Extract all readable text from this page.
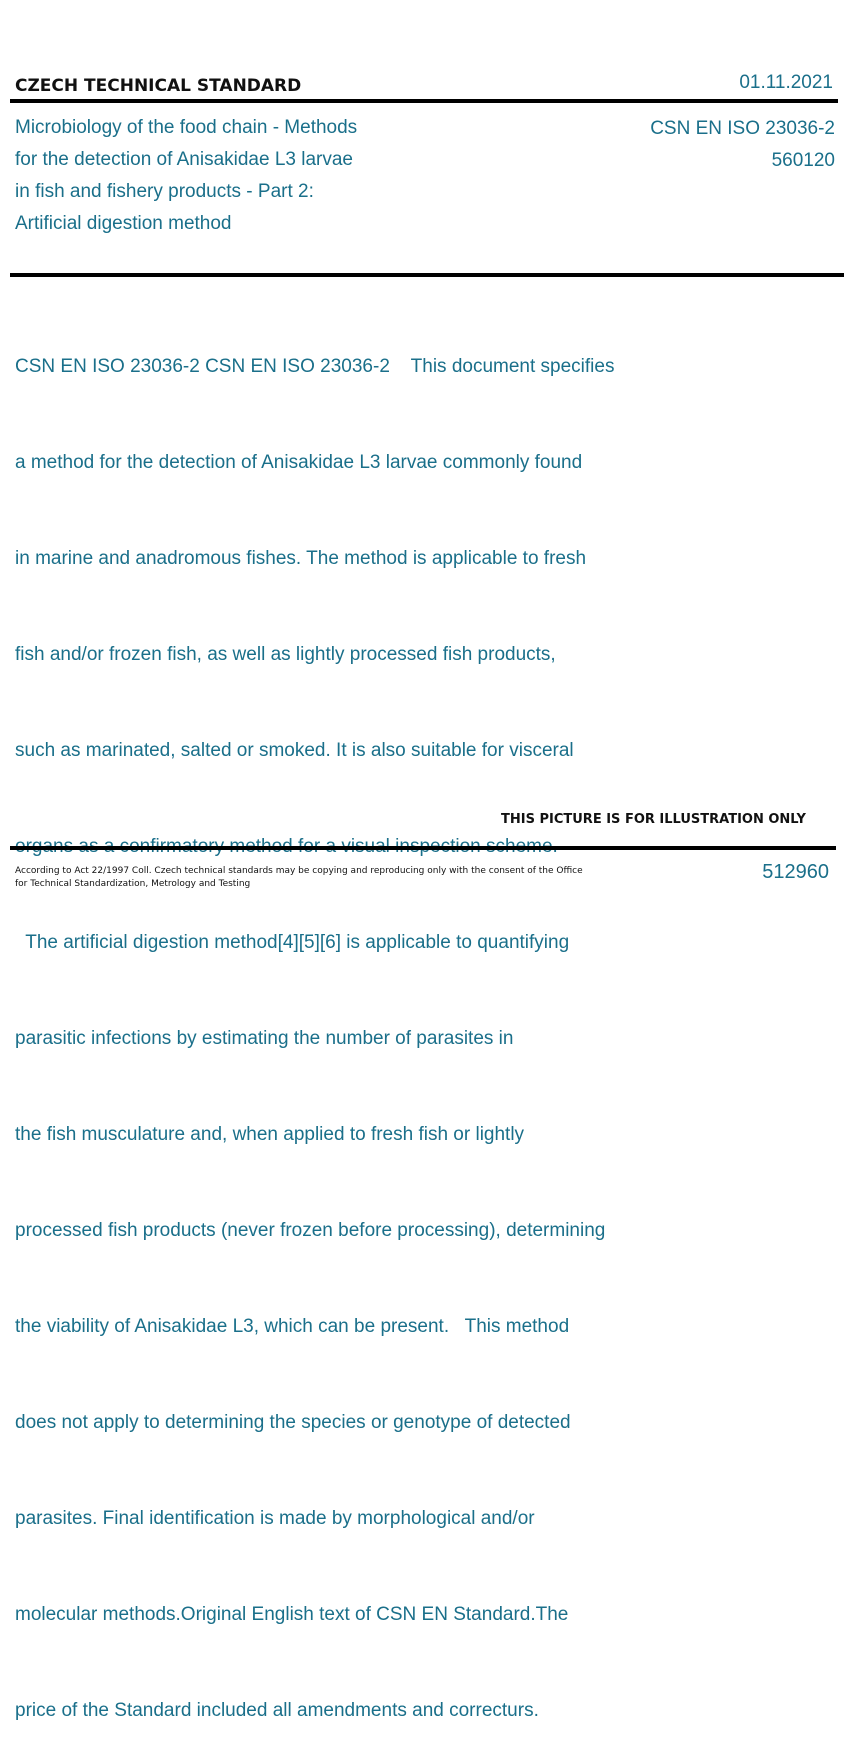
CZECH TECHNICAL STANDARD	01.11.2021
Microbiology of the food chain - Methods
for the detection of Anisakidae L3 larvae
in fish and fishery products - Part 2:
Artificial digestion method
CSN EN ISO 23036-2
560120

CSN EN ISO 23036-2 CSN EN ISO 23036-2    This document specifies

a method for the detection of Anisakidae L3 larvae commonly found

in marine and anadromous fishes. The method is applicable to fresh

fish and/or frozen fish, as well as lightly processed fish products,

such as marinated, salted or smoked. It is also suitable for visceral

The artificial digestion method[4][5][6] is applicable to quantifying

parasitic infections by estimating the number of parasites in

the fish musculature and, when applied to fresh fish or lightly

processed fish products (never frozen before processing), determining

the viability of Anisakidae L3, which can be present.   This method

does not apply to determining the species or genotype of detected

parasites. Final identification is made by morphological and/or

molecular methods.Original English text of CSN EN Standard.The

price of the Standard included all amendments and correcturs.

THIS PICTURE IS FOR ILLUSTRATION ONLY
According to Act 22/1997 Coll. Czech technical standards may be copying and reproducing only with the consent of the Office
for Technical Standardization, Metrology and Testing
512960
